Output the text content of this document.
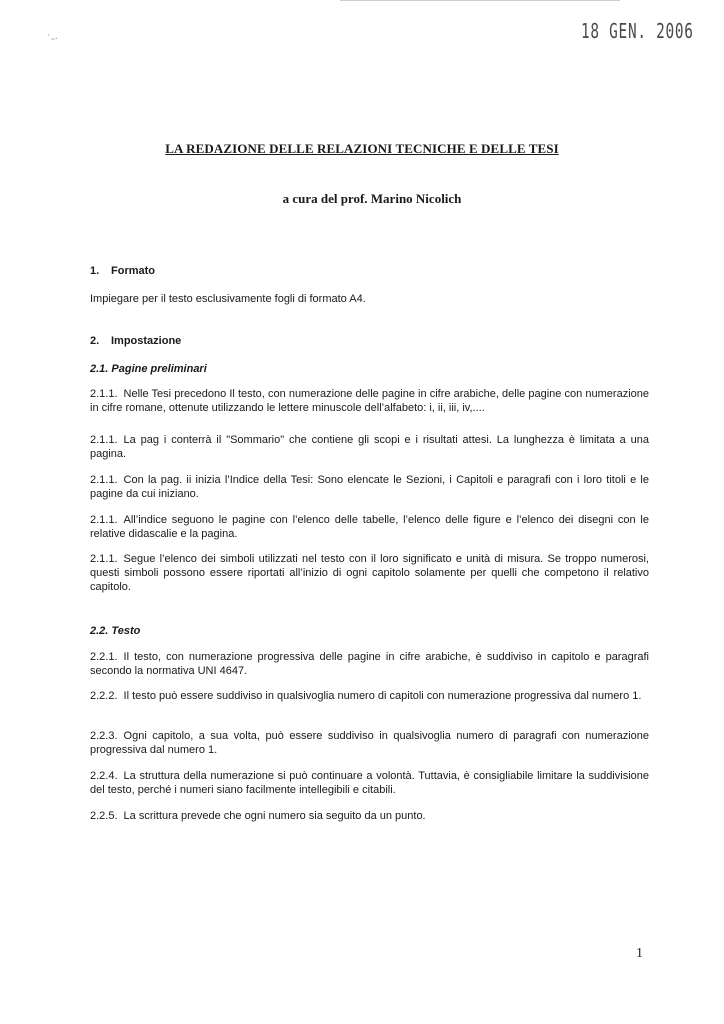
˙-·	18 GEN. 2006
LA REDAZIONE DELLE RELAZIONI TECNICHE E DELLE TESI
a cura del prof. Marino Nicolich
1. Formato

Impiegare per il testo esclusivamente fogli di formato A4.

2. Impostazione
2.1. Pagine preliminari

2.1.1. Nelle Tesi precedono Il testo, con numerazione delle pagine in cifre arabiche, delle pagine con numerazione in cifre romane, ottenute utilizzando le lettere minuscole dell’alfabeto: i, ii, iii, iv,....

2.1.1. La pag i conterrà il "Sommario" che contiene gli scopi e i risultati attesi. La lunghezza è limitata a una pagina.

2.1.1. Con la pag. ii inizia l’Indice della Tesi: Sono elencate le Sezioni, i Capitoli e paragrafi con i loro titoli e le pagine da cui iniziano.

2.1.1. All’indice seguono le pagine con l’elenco delle tabelle, l’elenco delle figure e l’elenco dei disegni con le relative didascalie e la pagina.

2.1.1. Segue l’elenco dei simboli utilizzati nel testo con il loro significato e unità di misura. Se troppo numerosi, questi simboli possono essere riportati all’inizio di ogni capitolo solamente per quelli che competono il relativo capitolo.

2.2. Testo

2.2.1. Il testo, con numerazione progressiva delle pagine in cifre arabiche, è suddiviso in capitolo e paragrafi secondo la normativa UNI 4647.

2.2.2. Il testo può essere suddiviso in qualsivoglia numero di capitoli con numerazione progressiva dal numero 1.

2.2.3. Ogni capitolo, a sua volta, può essere suddiviso in qualsivoglia numero di paragrafi con numerazione progressiva dal numero 1.

2.2.4. La struttura della numerazione si può continuare a volontà. Tuttavia, è consigliabile limitare la suddivisione del testo, perché i numeri siano facilmente intellegibili e citabili.

2.2.5. La scrittura prevede che ogni numero sia seguito da un punto.

1
